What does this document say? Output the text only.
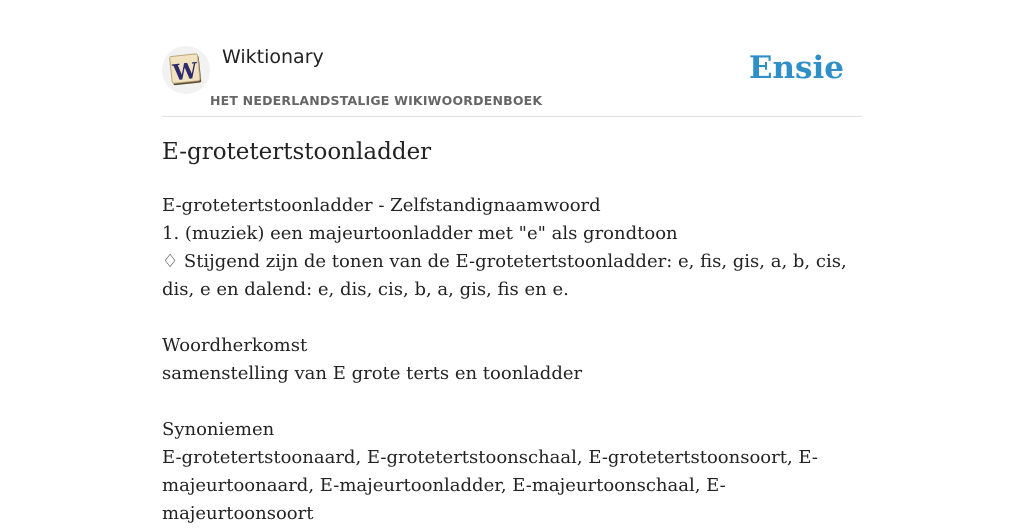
W
Wiktionary
HET NEDERLANDSTALIGE WIKIWOORDENBOEK
Ensie
E-grotetertstoonladder
E-grotetertstoonladder - Zelfstandignaamwoord
1. (muziek) een majeurtoonladder met "e" als grondtoon
♢ Stijgend zijn de tonen van de E-grotetertstoonladder: e, fis, gis, a, b, cis, dis, e en dalend: e, dis, cis, b, a, gis, fis en e.
Woordherkomst
samenstelling van E grote terts en toonladder
Synoniemen
E-grotetertstoonaard, E-grotetertstoonschaal, E-grotetertstoonsoort, E-majeurtoonaard, E-majeurtoonladder, E-majeurtoonschaal, E-majeurtoonsoort
